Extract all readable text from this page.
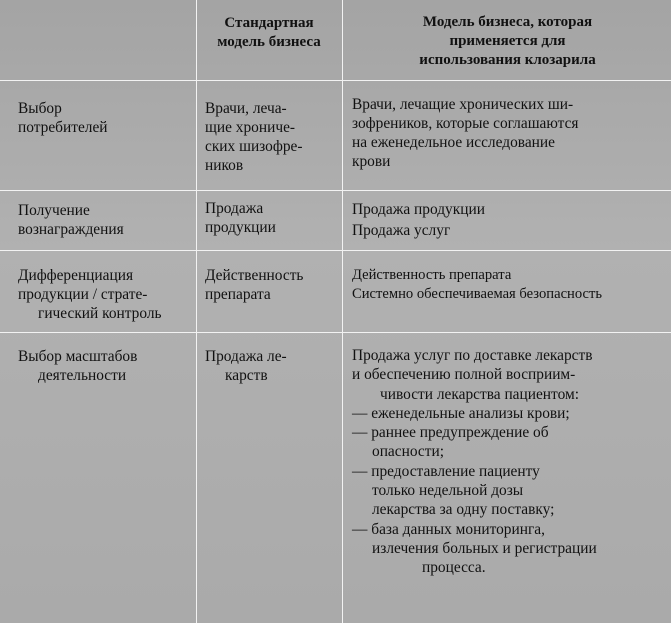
Стандартная
модель бизнеса
Модель бизнеса, которая
применяется для
использования клозарила
Выбор
потребителей
Врачи, леча-
щие хрониче-
ских шизофре-
ников
Врачи, лечащие хронических ши-
зофреников, которые соглашаются
на еженедельное исследование
крови
Получение
вознаграждения
Продажа
продукции
Продажа продукции
Продажа услуг
Дифференциация
продукции / страте-
гический контроль
Действенность
препарата
Действенность препарата
Системно обеспечиваемая безопасность
Выбор масштабов
деятельности
Продажа ле-
карств
Продажа услуг по доставке лекарств
и обеспечению полной восприим-
чивости лекарства пациентом:
— еженедельные анализы крови;
— раннее предупреждение об
опасности;
— предоставление пациенту
только недельной дозы
лекарства за одну поставку;
— база данных мониторинга,
излечения больных и регистрации
процесса.
